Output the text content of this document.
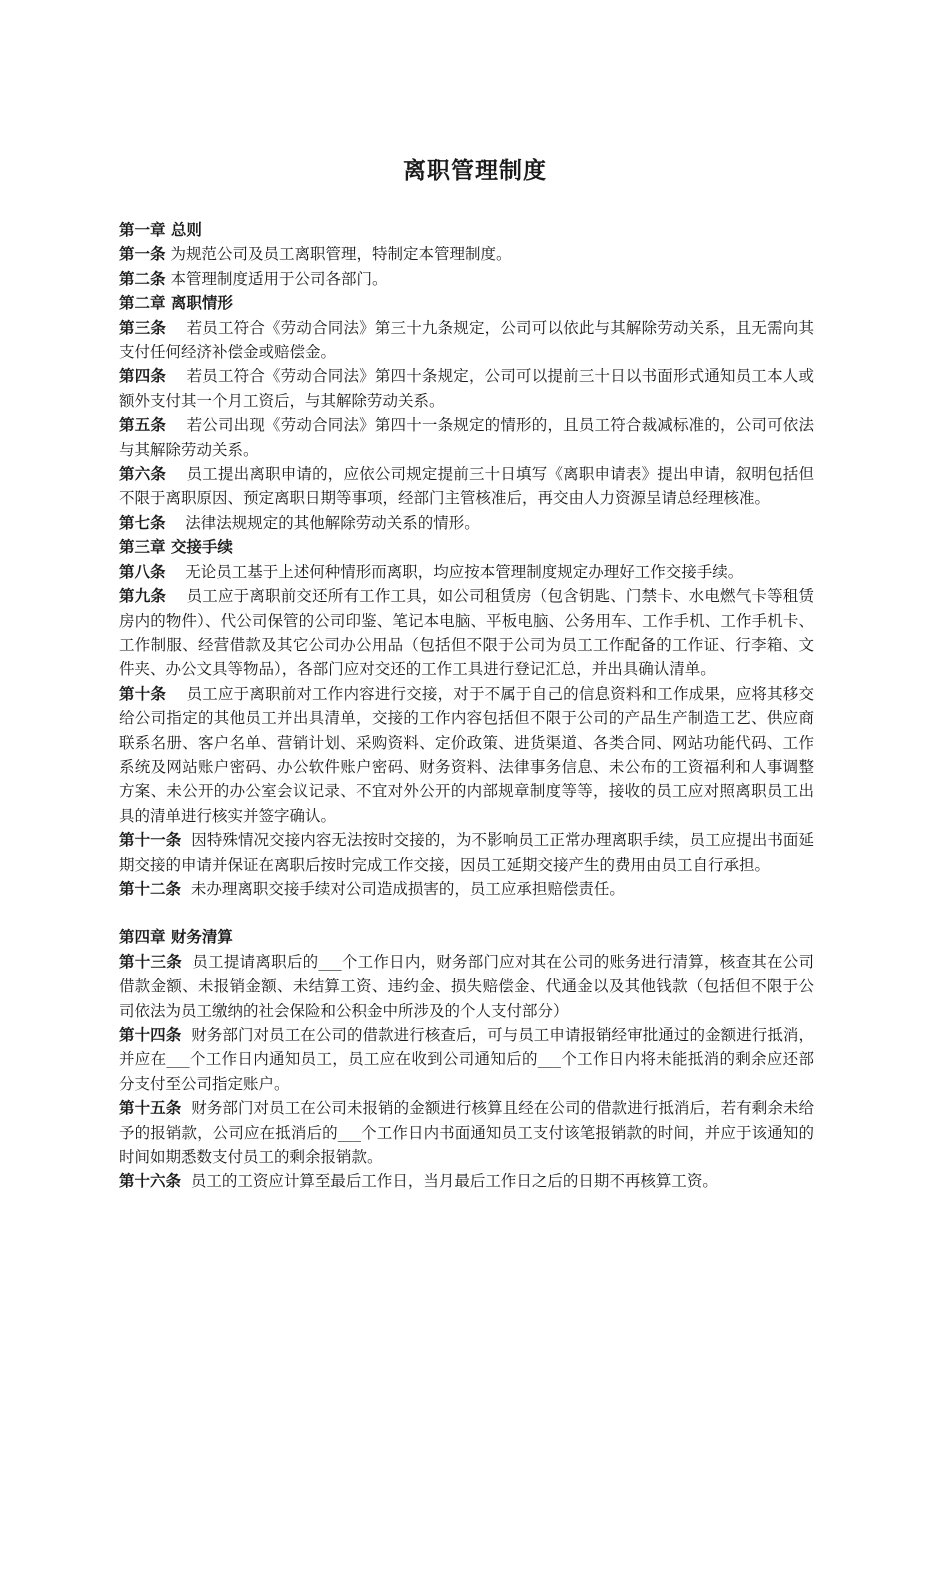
离职管理制度

第一章 总则

第一条 为规范公司及员工离职管理，特制定本管理制度。

第二条 本管理制度适用于公司各部门。

第二章 离职情形

第三条 若员工符合《劳动合同法》第三十九条规定，公司可以依此与其解除劳动关系，且无需向其支付任何经济补偿金或赔偿金。

第四条 若员工符合《劳动合同法》第四十条规定，公司可以提前三十日以书面形式通知员工本人或额外支付其一个月工资后，与其解除劳动关系。

第五条 若公司出现《劳动合同法》第四十一条规定的情形的，且员工符合裁减标准的，公司可依法与其解除劳动关系。

第六条 员工提出离职申请的，应依公司规定提前三十日填写《离职申请表》提出申请，叙明包括但不限于离职原因、预定离职日期等事项，经部门主管核准后，再交由人力资源呈请总经理核准。

第七条 法律法规规定的其他解除劳动关系的情形。

第三章 交接手续

第八条 无论员工基于上述何种情形而离职，均应按本管理制度规定办理好工作交接手续。

第九条 员工应于离职前交还所有工作工具，如公司租赁房（包含钥匙、门禁卡、水电燃气卡等租赁房内的物件）、代公司保管的公司印鉴、笔记本电脑、平板电脑、公务用车、工作手机、工作手机卡、工作制服、经营借款及其它公司办公用品（包括但不限于公司为员工工作配备的工作证、行李箱、文件夹、办公文具等物品），各部门应对交还的工作工具进行登记汇总，并出具确认清单。

第十条 员工应于离职前对工作内容进行交接，对于不属于自己的信息资料和工作成果，应将其移交给公司指定的其他员工并出具清单，交接的工作内容包括但不限于公司的产品生产制造工艺、供应商联系名册、客户名单、营销计划、采购资料、定价政策、进货渠道、各类合同、网站功能代码、工作系统及网站账户密码、办公软件账户密码、财务资料、法律事务信息、未公布的工资福利和人事调整方案、未公开的办公室会议记录、不宜对外公开的内部规章制度等等，接收的员工应对照离职员工出具的清单进行核实并签字确认。

第十一条 因特殊情况交接内容无法按时交接的，为不影响员工正常办理离职手续，员工应提出书面延期交接的申请并保证在离职后按时完成工作交接，因员工延期交接产生的费用由员工自行承担。

第十二条 未办理离职交接手续对公司造成损害的，员工应承担赔偿责任。

第四章 财务清算

第十三条 员工提请离职后的___个工作日内，财务部门应对其在公司的账务进行清算，核查其在公司借款金额、未报销金额、未结算工资、违约金、损失赔偿金、代通金以及其他钱款（包括但不限于公司依法为员工缴纳的社会保险和公积金中所涉及的个人支付部分）

第十四条 财务部门对员工在公司的借款进行核查后，可与员工申请报销经审批通过的金额进行抵消，并应在___个工作日内通知员工，员工应在收到公司通知后的___个工作日内将未能抵消的剩余应还部分支付至公司指定账户。

第十五条 财务部门对员工在公司未报销的金额进行核算且经在公司的借款进行抵消后，若有剩余未给予的报销款，公司应在抵消后的___个工作日内书面通知员工支付该笔报销款的时间，并应于该通知的时间如期悉数支付员工的剩余报销款。

第十六条 员工的工资应计算至最后工作日，当月最后工作日之后的日期不再核算工资。
